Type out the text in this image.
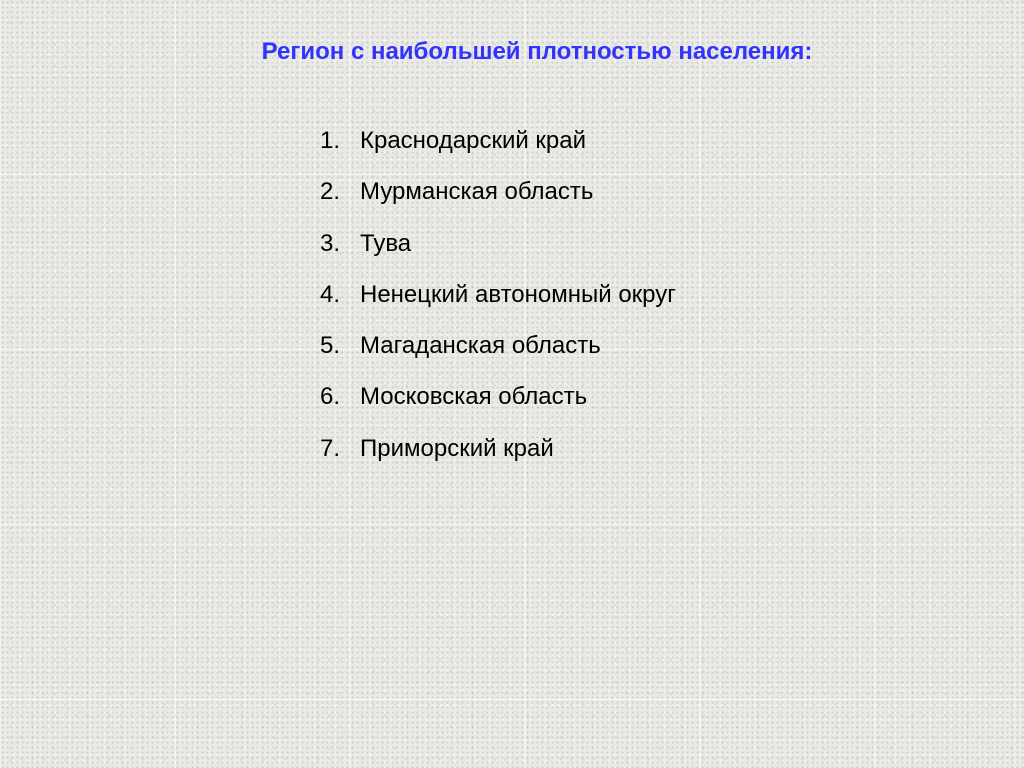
Регион с наибольшей плотностью населения:
1. Краснодарский край
2. Мурманская область
3. Тува
4. Ненецкий автономный округ
5. Магаданская область
6. Московская область
7. Приморский край
